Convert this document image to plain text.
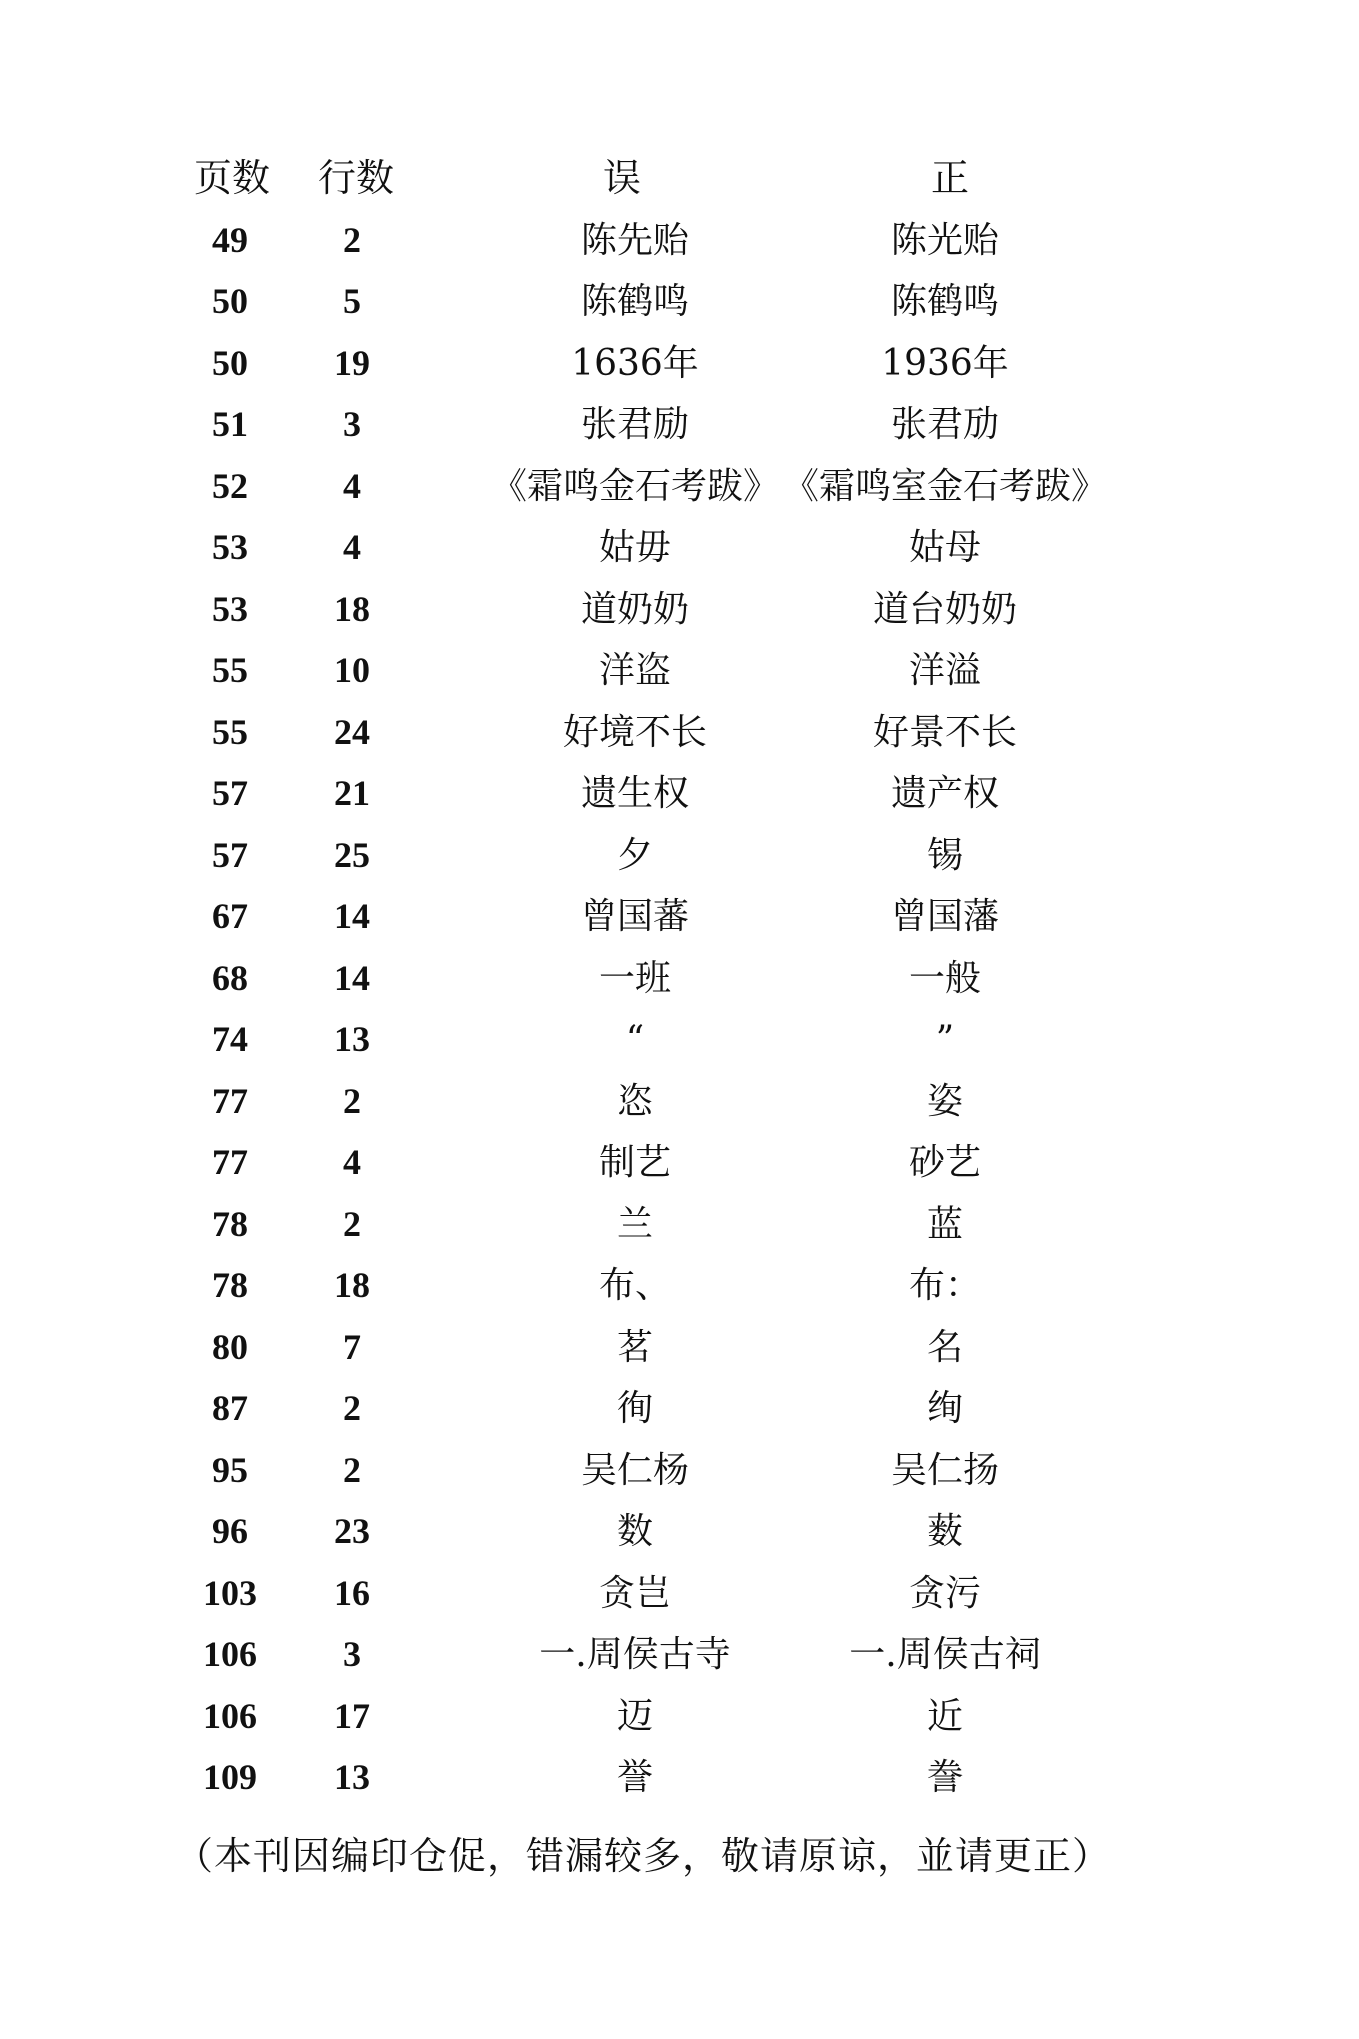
页数 行数	误	正
49	2	陈先贻	陈光贻
50	5	陈鹤鸣	陈鹤鸣
50 19	1636年	1936年
51	3	张君励	张君劢
52	4	《霜鸣金石考跋》 《霜鸣室金石考跋》
53	4	姑毋	姑母
53 18	道奶奶	道台奶奶
55 10	洋盗	洋溢
55 24	好境不长	好景不长
57 21	遗生权	遗产权
57 25	夕	锡
67 14	曾国蕃	曾国藩
68 14	一班	一般
74 13	“	”
77	2	恣	姿
77	4	制艺	砂艺
78	2	兰	蓝
78 18	布、	布：
80	7	茗	名
87	2	徇	绚
95	2	吴仁杨	吴仁扬
96 23	数	薮
103 16	贪岂	贪污
106 3	一.周侯古寺	一.周侯古祠
106 17	迈	近
109 13	誉	誊
（本刊因编印仓促，错漏较多，敬请原谅，並请更正）
